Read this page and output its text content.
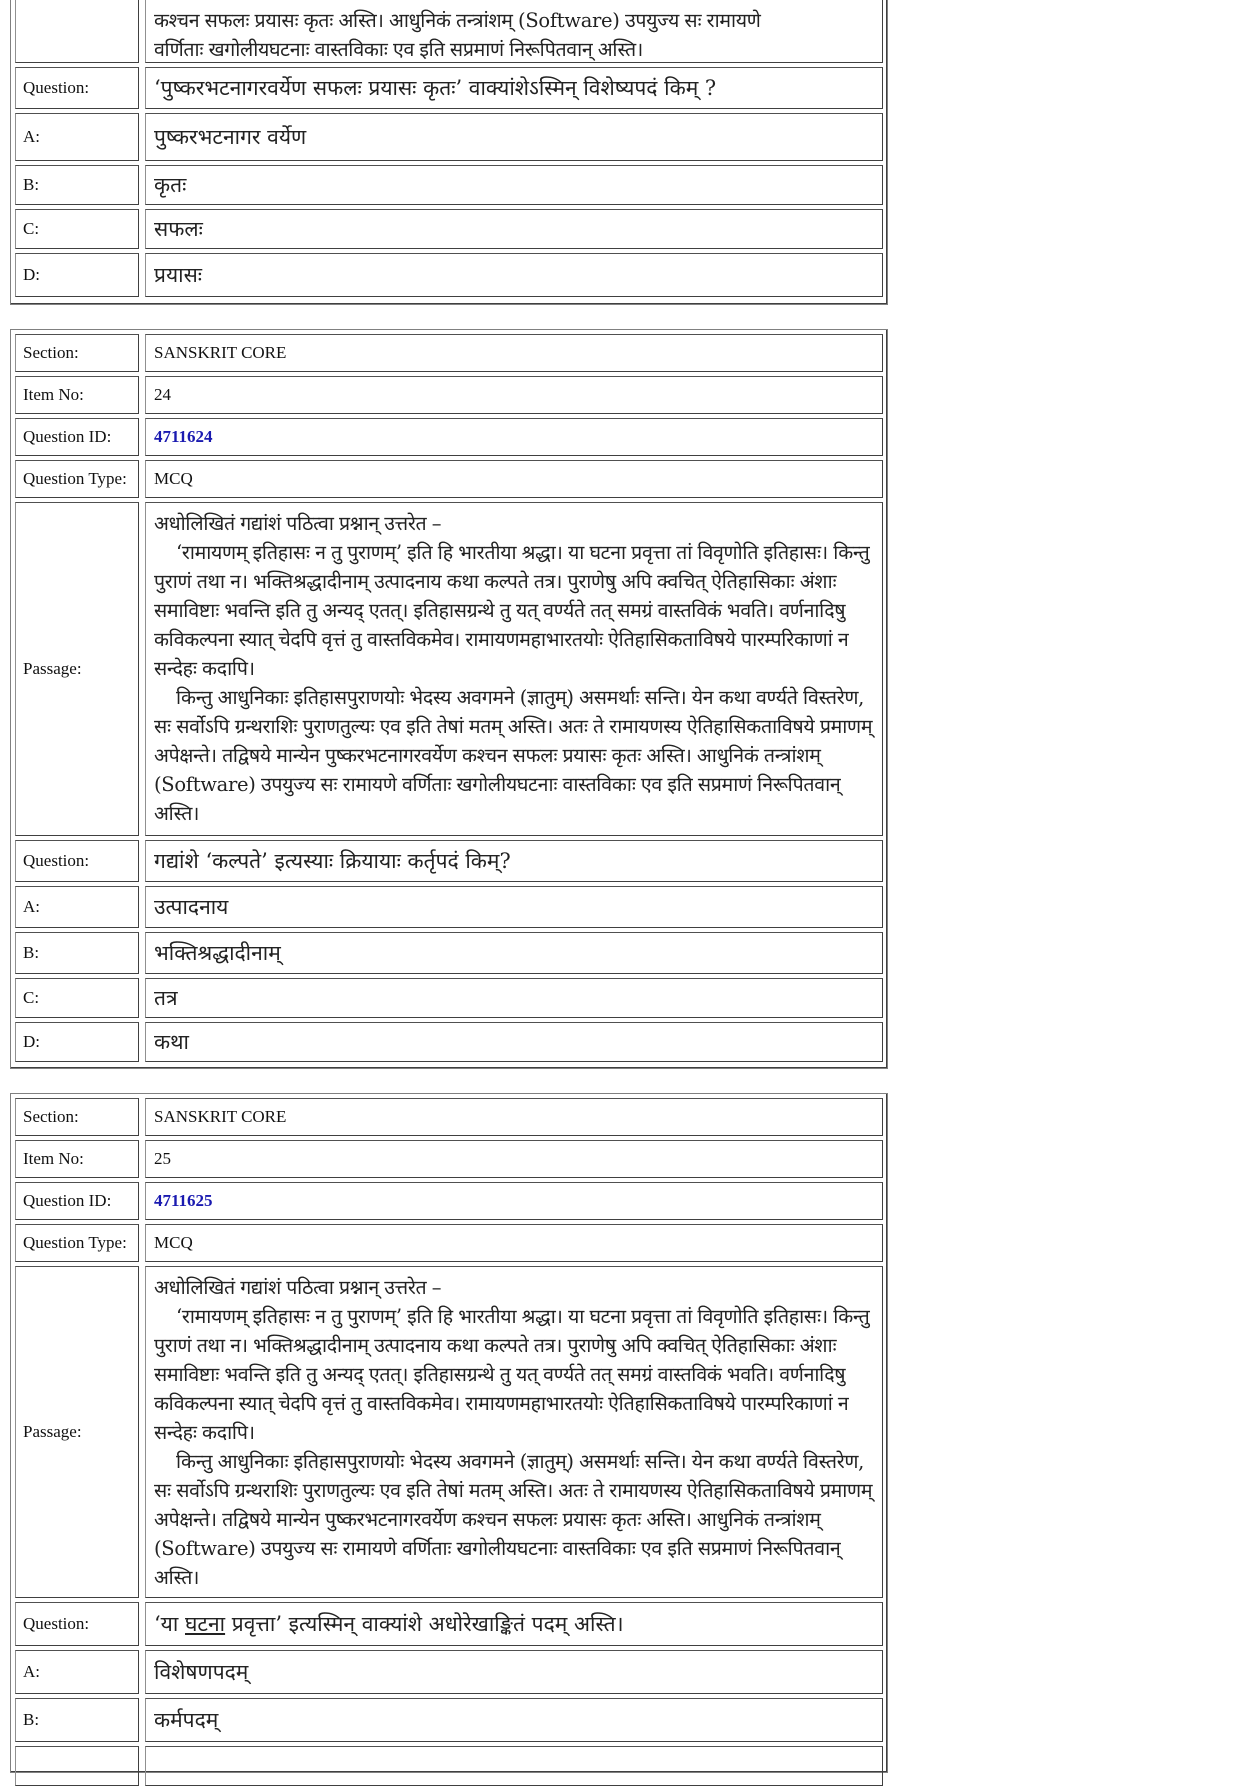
कश्चन सफलः प्रयासः कृतः अस्ति। आधुनिकं तन्त्रांशम् (Software) उपयुज्य सः रामायणे

वर्णिताः खगोलीयघटनाः वास्तविकाः एव इति सप्रमाणं निरूपितवान् अस्ति।

Question:	‘पुष्करभटनागरवर्येण सफलः प्रयासः कृतः’ वाक्यांशेऽस्मिन् विशेष्यपदं किम् ?
A:	पुष्करभटनागर वर्येण
B:	कृतः
C:	सफलः
D:	प्रयासः
Section:	SANSKRIT CORE
Item No:	24
Question ID:	4711624
Question Type:	MCQ
Passage:

अधोलिखितं गद्यांशं पठित्वा प्रश्नान् उत्तरेत –

‘रामायणम् इतिहासः न तु पुराणम्’ इति हि भारतीया श्रद्धा। या घटना प्रवृत्ता तां विवृणोति इतिहासः। किन्तु पुराणं तथा न। भक्तिश्रद्धादीनाम् उत्पादनाय कथा कल्पते तत्र। पुराणेषु अपि क्वचित् ऐतिहासिकाः अंशाः समाविष्टाः भवन्ति इति तु अन्यद् एतत्। इतिहासग्रन्थे तु यत् वर्ण्यते तत् समग्रं वास्तविकं भवति। वर्णनादिषु कविकल्पना स्यात् चेदपि वृत्तं तु वास्तविकमेव। रामायणमहाभारतयोः ऐतिहासिकताविषये पारम्परिकाणां न सन्देहः कदापि।

किन्तु आधुनिकाः इतिहासपुराणयोः भेदस्य अवगमने (ज्ञातुम्) असमर्थाः सन्ति। येन कथा वर्ण्यते विस्तरेण, सः सर्वोऽपि ग्रन्थराशिः पुराणतुल्यः एव इति तेषां मतम् अस्ति। अतः ते रामायणस्य ऐतिहासिकताविषये प्रमाणम् अपेक्षन्ते। तद्विषये मान्येन पुष्करभटनागरवर्येण कश्चन सफलः प्रयासः कृतः अस्ति। आधुनिकं तन्त्रांशम् (Software) उपयुज्य सः रामायणे वर्णिताः खगोलीयघटनाः वास्तविकाः एव इति सप्रमाणं निरूपितवान् अस्ति।

Question:	गद्यांशे ‘कल्पते’ इत्यस्याः क्रियायाः कर्तृपदं किम्?
A:	उत्पादनाय
B:	भक्तिश्रद्धादीनाम्
C:	तत्र
D:	कथा
Section:	SANSKRIT CORE
Item No:	25
Question ID:	4711625
Question Type:	MCQ
Passage:

अधोलिखितं गद्यांशं पठित्वा प्रश्नान् उत्तरेत –

‘रामायणम् इतिहासः न तु पुराणम्’ इति हि भारतीया श्रद्धा। या घटना प्रवृत्ता तां विवृणोति इतिहासः। किन्तु पुराणं तथा न। भक्तिश्रद्धादीनाम् उत्पादनाय कथा कल्पते तत्र। पुराणेषु अपि क्वचित् ऐतिहासिकाः अंशाः समाविष्टाः भवन्ति इति तु अन्यद् एतत्। इतिहासग्रन्थे तु यत् वर्ण्यते तत् समग्रं वास्तविकं भवति। वर्णनादिषु कविकल्पना स्यात् चेदपि वृत्तं तु वास्तविकमेव। रामायणमहाभारतयोः ऐतिहासिकताविषये पारम्परिकाणां न सन्देहः कदापि।

किन्तु आधुनिकाः इतिहासपुराणयोः भेदस्य अवगमने (ज्ञातुम्) असमर्थाः सन्ति। येन कथा वर्ण्यते विस्तरेण, सः सर्वोऽपि ग्रन्थराशिः पुराणतुल्यः एव इति तेषां मतम् अस्ति। अतः ते रामायणस्य ऐतिहासिकताविषये प्रमाणम् अपेक्षन्ते। तद्विषये मान्येन पुष्करभटनागरवर्येण कश्चन सफलः प्रयासः कृतः अस्ति। आधुनिकं तन्त्रांशम् (Software) उपयुज्य सः रामायणे वर्णिताः खगोलीयघटनाः वास्तविकाः एव इति सप्रमाणं निरूपितवान् अस्ति।

Question:	‘या घटना प्रवृत्ता’ इत्यस्मिन् वाक्यांशे अधोरेखाङ्कितं पदम् अस्ति।
A:	विशेषणपदम्
B:	कर्मपदम्
